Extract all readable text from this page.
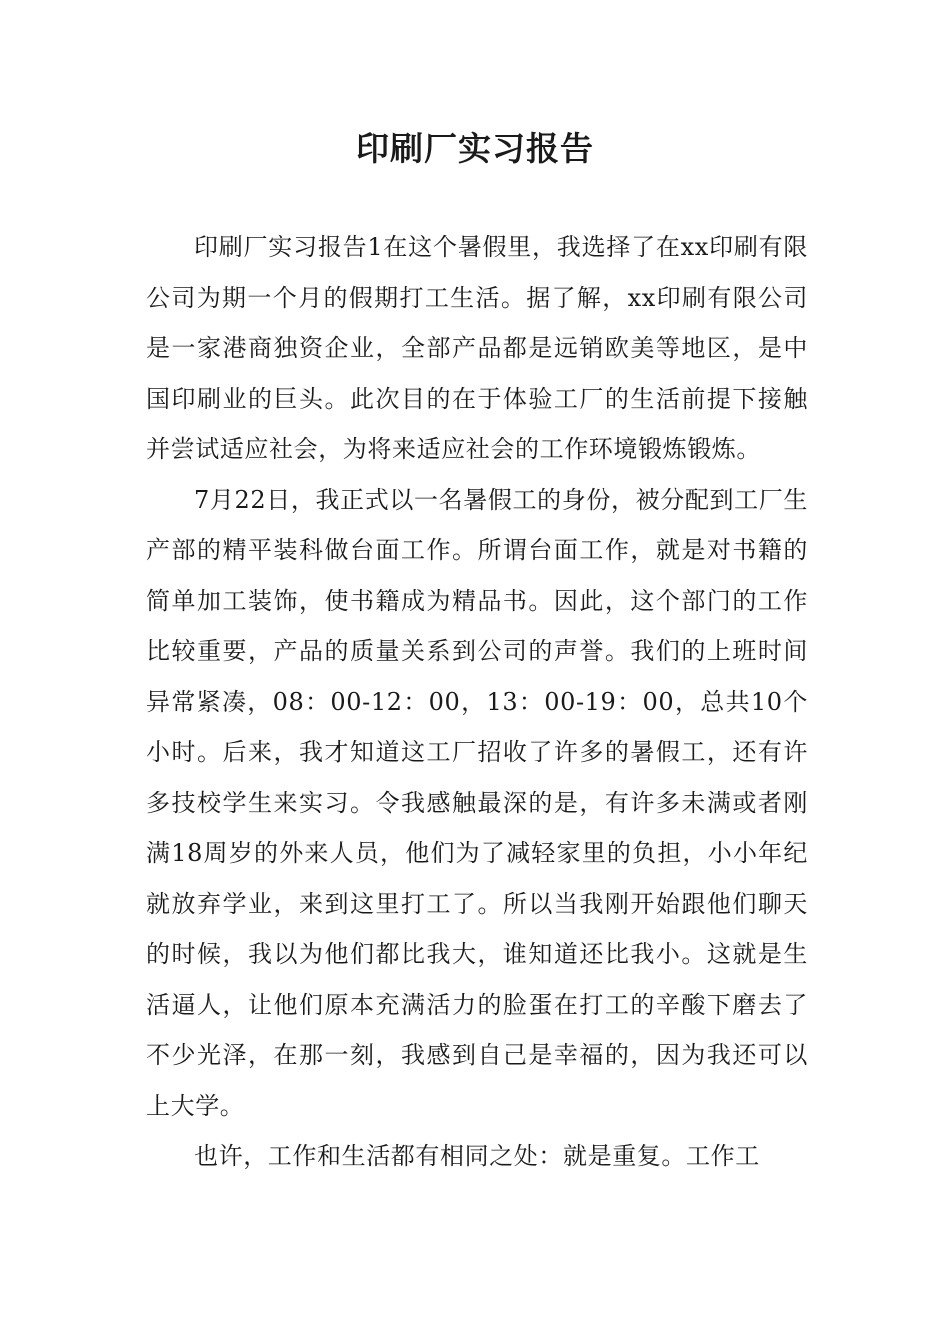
印刷厂实习报告

印刷厂实习报告1在这个暑假里，我选择了在xx印刷有限公司为期一个月的假期打工生活。据了解，xx印刷有限公司是一家港商独资企业，全部产品都是远销欧美等地区，是中国印刷业的巨头。此次目的在于体验工厂的生活前提下接触并尝试适应社会，为将来适应社会的工作环境锻炼锻炼。

7月22日，我正式以一名暑假工的身份，被分配到工厂生产部的精平装科做台面工作。所谓台面工作，就是对书籍的简单加工装饰，使书籍成为精品书。因此，这个部门的工作比较重要，产品的质量关系到公司的声誉。我们的上班时间异常紧凑，08：00-12：00，13：00-19：00，总共10个小时。后来，我才知道这工厂招收了许多的暑假工，还有许多技校学生来实习。令我感触最深的是，有许多未满或者刚满18周岁的外来人员，他们为了减轻家里的负担，小小年纪就放弃学业，来到这里打工了。所以当我刚开始跟他们聊天的时候，我以为他们都比我大，谁知道还比我小。这就是生活逼人，让他们原本充满活力的脸蛋在打工的辛酸下磨去了不少光泽，在那一刻，我感到自己是幸福的，因为我还可以上大学。

也许，工作和生活都有相同之处：就是重复。工作工
